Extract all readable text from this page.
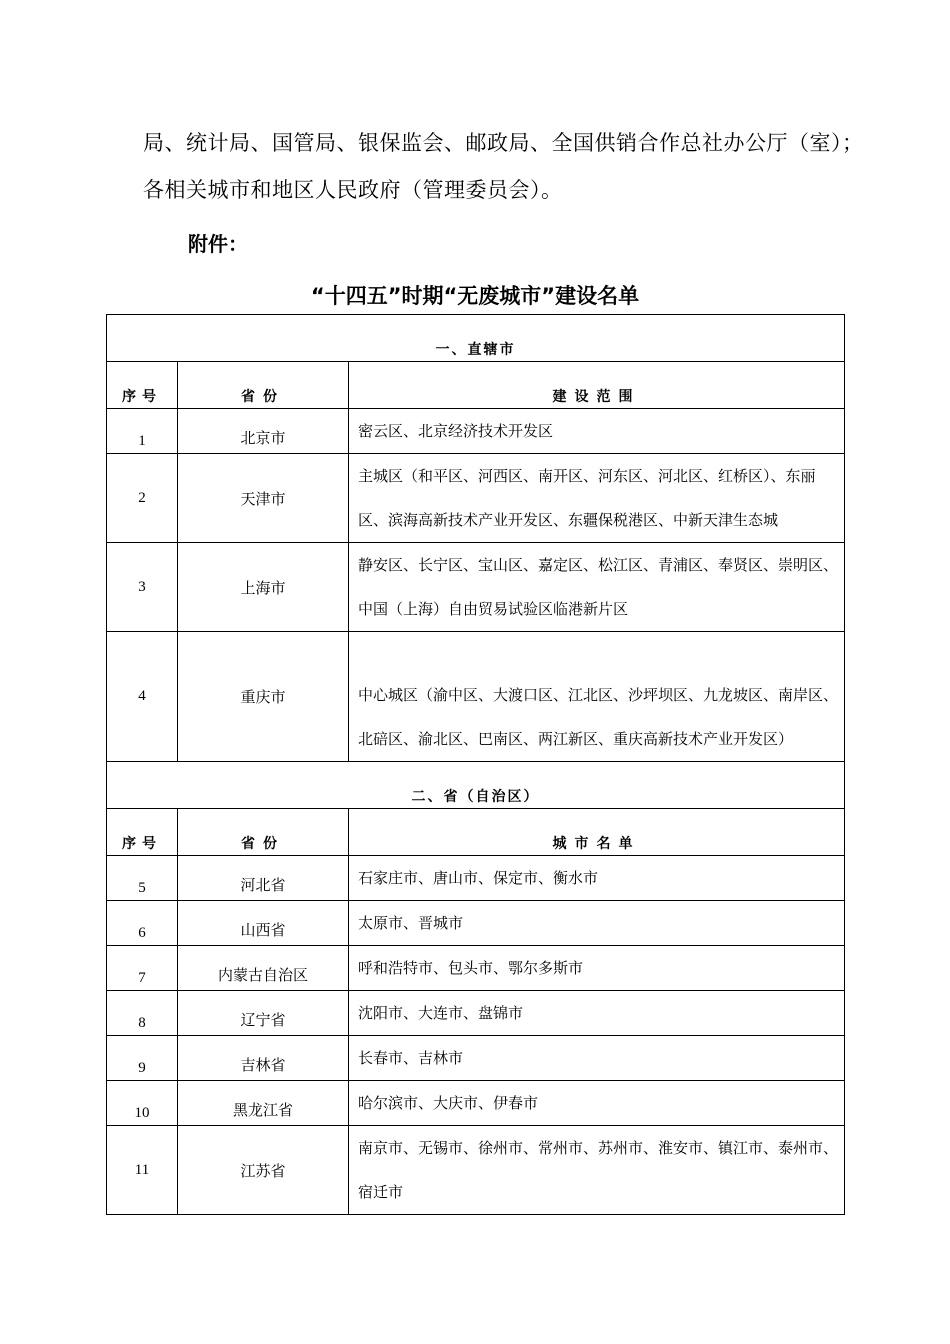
局、统计局、国管局、银保监会、邮政局、全国供销合作总社办公厅（室）；
各相关城市和地区人民政府（管理委员会）。
附件：
“十四五”时期“无废城市”建设名单
一、直辖市		
序号	省份	建设范围
1	北京市	密云区、北京经济技术开发区
2	天津市	主城区（和平区、河西区、南开区、河东区、河北区、红桥区）、东丽区、滨海高新技术产业开发区、东疆保税港区、中新天津生态城
3	上海市	静安区、长宁区、宝山区、嘉定区、松江区、青浦区、奉贤区、崇明区、中国（上海）自由贸易试验区临港新片区
4	重庆市	中心城区（渝中区、大渡口区、江北区、沙坪坝区、九龙坡区、南岸区、北碚区、渝北区、巴南区、两江新区、重庆高新技术产业开发区）
二、省（自治区）		
序号	省份	城市名单
5	河北省	石家庄市、唐山市、保定市、衡水市
6	山西省	太原市、晋城市
7	内蒙古自治区	呼和浩特市、包头市、鄂尔多斯市
8	辽宁省	沈阳市、大连市、盘锦市
9	吉林省	长春市、吉林市
10	黑龙江省	哈尔滨市、大庆市、伊春市
11	江苏省	南京市、无锡市、徐州市、常州市、苏州市、淮安市、镇江市、泰州市、宿迁市
